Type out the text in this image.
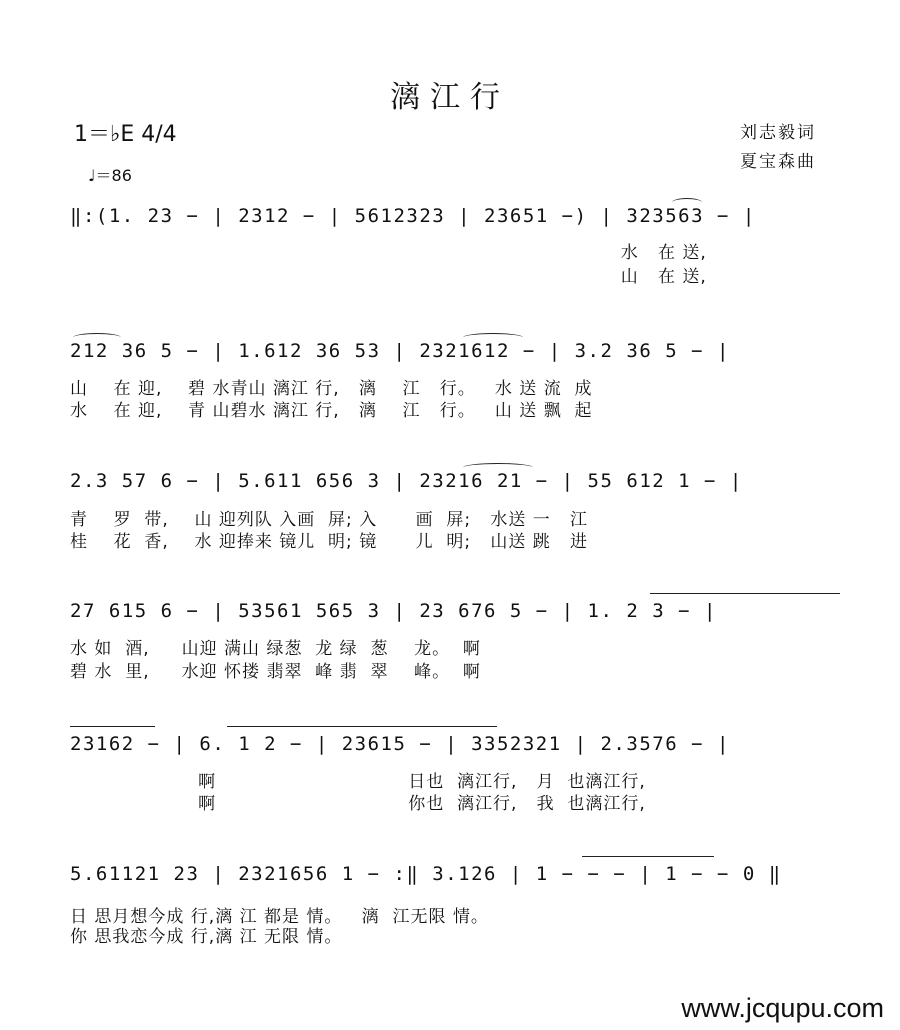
漓江行
1＝♭E 4/4
♩＝86
刘志毅词
夏宝森曲
‖:(1. 23 − | 2312 − | 5612323 | 23651 −) | 323563 − |
水   在 送,
山   在 送,
212 36 5 − | 1.612 36 53 | 2321612 − | 3.2 36 5 − |
山    在 迎,    碧 水青山 漓江 行,   漓    江   行。   水 送 流  成
水    在 迎,    青 山碧水 漓江 行,   漓    江   行。   山 送 飘  起
2.3 57 6 − | 5.611 656 3 | 23216 21 − | 55 612 1 − |
青    罗  带,    山 迎列队 入画  屏; 入      画  屏;   水送 一   江
桂    花  香,    水 迎捧来 镜儿  明; 镜      儿  明;   山送 跳   进
27 615 6 − | 53561 565 3 | 23 676 5 − | 1. 2 3 − |
水 如  酒,     山迎 满山 绿葱  龙 绿  葱    龙。  啊
碧 水  里,     水迎 怀搂 翡翠  峰 翡  翠    峰。  啊
23162 − | 6. 1 2 − | 23615 − | 3352321 | 2.3576 − |
啊                              日也  漓江行,   月  也漓江行,
啊                              你也  漓江行,   我  也漓江行,
5.61121 23 | 2321656 1 − :‖ 3.126 | 1 − − − | 1 − − 0 ‖
日 思月想今成 行,漓 江 都是 情。   漓  江无限 情。
你 思我恋今成 行,漓 江 无限 情。
www.jcqupu.com
